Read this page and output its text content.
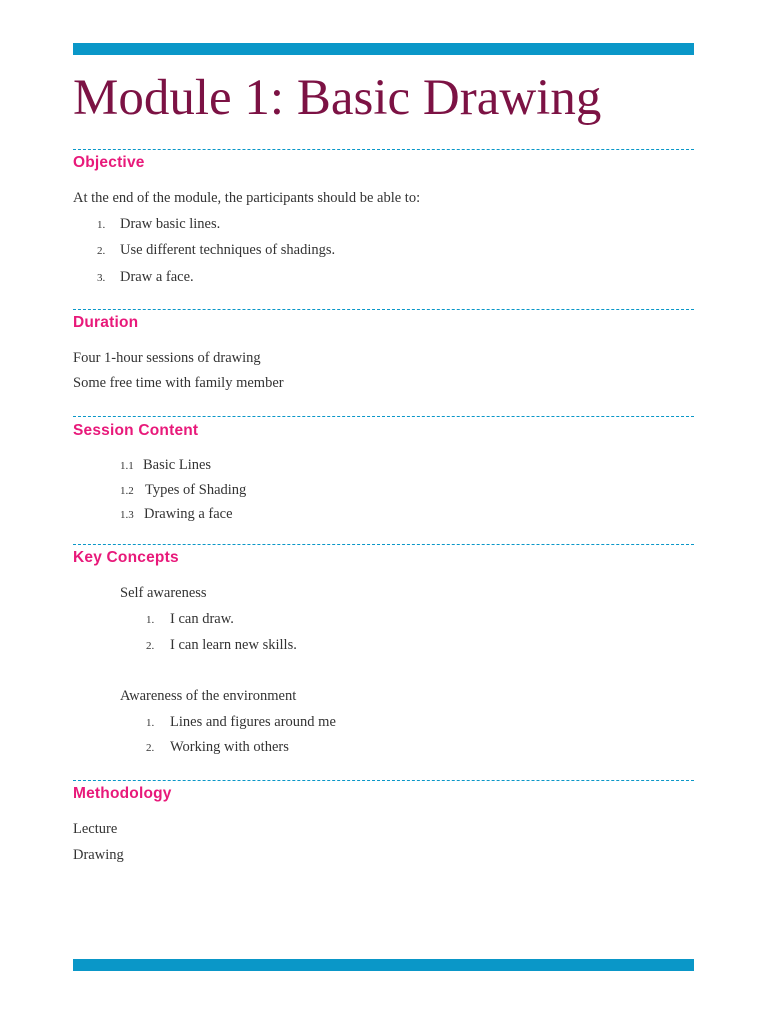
Module 1: Basic Drawing
Objective
At the end of the module, the participants should be able to:
1. Draw basic lines.
2. Use different techniques of shadings.
3. Draw a face.
Duration
Four 1-hour sessions of drawing
Some free time with family member
Session Content
1.1 Basic Lines
1.2 Types of Shading
1.3 Drawing a face
Key Concepts
Self awareness
1. I can draw.
2. I can learn new skills.
Awareness of the environment
1. Lines and figures around me
2. Working with others
Methodology
Lecture
Drawing
